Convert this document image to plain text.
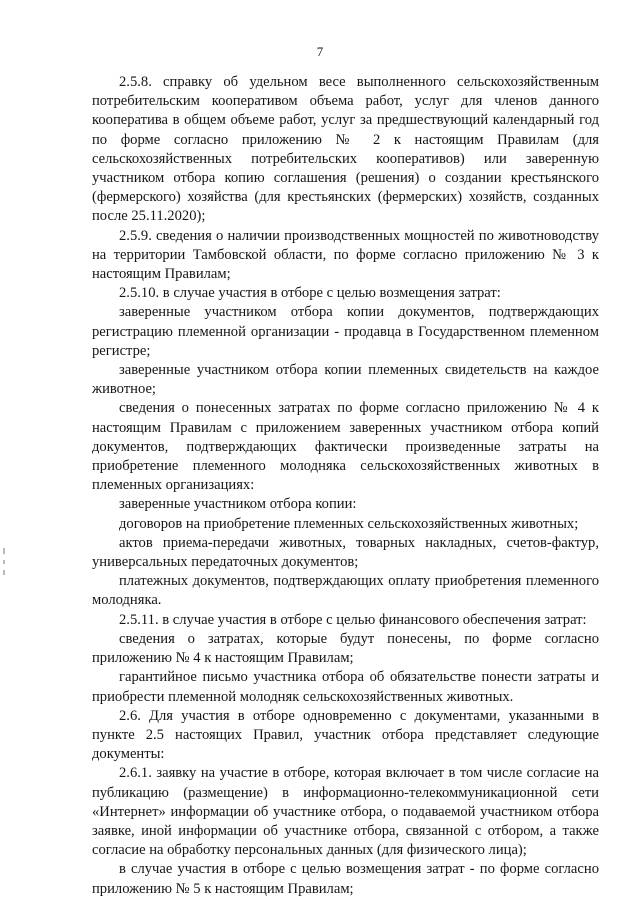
7

2.5.8. справку об удельном весе выполненного сельскохозяйственным потребительским кооперативом объема работ, услуг для членов данного кооператива в общем объеме работ, услуг за предшествующий календарный год по форме согласно приложению № 2 к настоящим Правилам (для сельскохозяйственных потребительских кооперативов) или заверенную участником отбора копию соглашения (решения) о создании крестьянского (фермерского) хозяйства (для крестьянских (фермерских) хозяйств, созданных после 25.11.2020);

2.5.9. сведения о наличии производственных мощностей по животноводству на территории Тамбовской области, по форме согласно приложению № 3 к настоящим Правилам;

2.5.10. в случае участия в отборе с целью возмещения затрат:

заверенные участником отбора копии документов, подтверждающих регистрацию племенной организации - продавца в Государственном племенном регистре;

заверенные участником отбора копии племенных свидетельств на каждое животное;

сведения о понесенных затратах по форме согласно приложению № 4 к настоящим Правилам с приложением заверенных участником отбора копий документов, подтверждающих фактически произведенные затраты на приобретение племенного молодняка сельскохозяйственных животных в племенных организациях:

заверенные участником отбора копии:

договоров на приобретение племенных сельскохозяйственных животных;

актов приема-передачи животных, товарных накладных, счетов-фактур, универсальных передаточных документов;

платежных документов, подтверждающих оплату приобретения племенного молодняка.

2.5.11. в случае участия в отборе с целью финансового обеспечения затрат:

сведения о затратах, которые будут понесены, по форме согласно приложению № 4 к настоящим Правилам;

гарантийное письмо участника отбора об обязательстве понести затраты и приобрести племенной молодняк сельскохозяйственных животных.

2.6. Для участия в отборе одновременно с документами, указанными в пункте 2.5 настоящих Правил, участник отбора представляет следующие документы:

2.6.1. заявку на участие в отборе, которая включает в том числе согласие на публикацию (размещение) в информационно-телекоммуникационной сети «Интернет» информации об участнике отбора, о подаваемой участником отбора заявке, иной информации об участнике отбора, связанной с отбором, а также согласие на обработку персональных данных (для физического лица);

в случае участия в отборе с целью возмещения затрат - по форме согласно приложению № 5 к настоящим Правилам;
